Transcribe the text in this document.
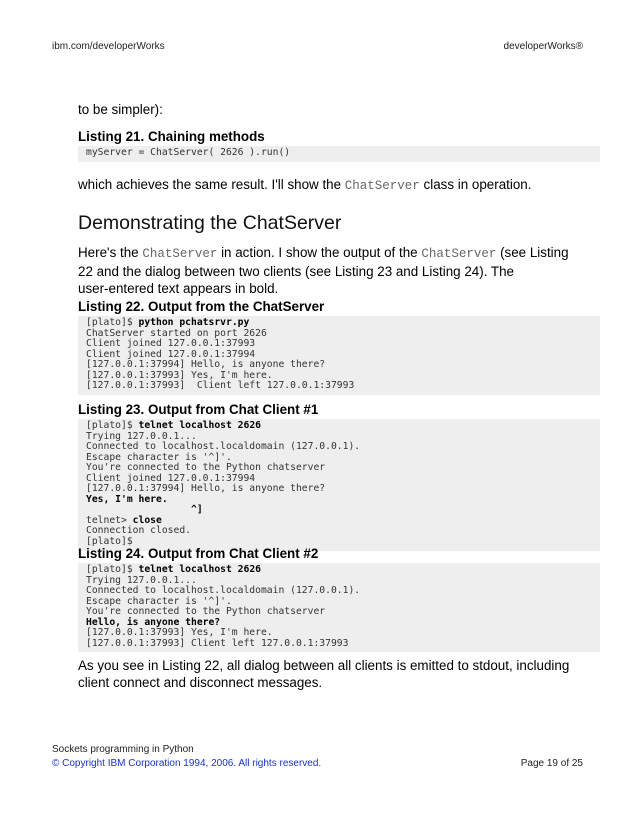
ibm.com/developerWorks	developerWorks®

to be simpler):

Listing 21. Chaining methods

myServer = ChatServer( 2626 ).run()

which achieves the same result. I'll show the ChatServer class in operation.

Demonstrating the ChatServer

Here's the ChatServer in action. I show the output of the ChatServer (see Listing
22 and the dialog between two clients (see Listing 23 and Listing 24). The
user-entered text appears in bold.

Listing 22. Output from the ChatServer

[plato]$ python pchatsrvr.py
ChatServer started on port 2626
Client joined 127.0.0.1:37993
Client joined 127.0.0.1:37994
[127.0.0.1:37994] Hello, is anyone there?
[127.0.0.1:37993] Yes, I'm here.
[127.0.0.1:37993]  Client left 127.0.0.1:37993

Listing 23. Output from Chat Client #1

[plato]$ telnet localhost 2626
Trying 127.0.0.1...
Connected to localhost.localdomain (127.0.0.1).
Escape character is '^]'.
You're connected to the Python chatserver
Client joined 127.0.0.1:37994
[127.0.0.1:37994] Hello, is anyone there?
Yes, I'm here.
^]
telnet> close
Connection closed.
[plato]$

Listing 24. Output from Chat Client #2

[plato]$ telnet localhost 2626
Trying 127.0.0.1...
Connected to localhost.localdomain (127.0.0.1).
Escape character is '^]'.
You're connected to the Python chatserver
Hello, is anyone there?
[127.0.0.1:37993] Yes, I'm here.
[127.0.0.1:37993] Client left 127.0.0.1:37993

As you see in Listing 22, all dialog between all clients is emitted to stdout, including
client connect and disconnect messages.

Sockets programming in Python
© Copyright IBM Corporation 1994, 2006. All rights reserved.	Page 19 of 25
